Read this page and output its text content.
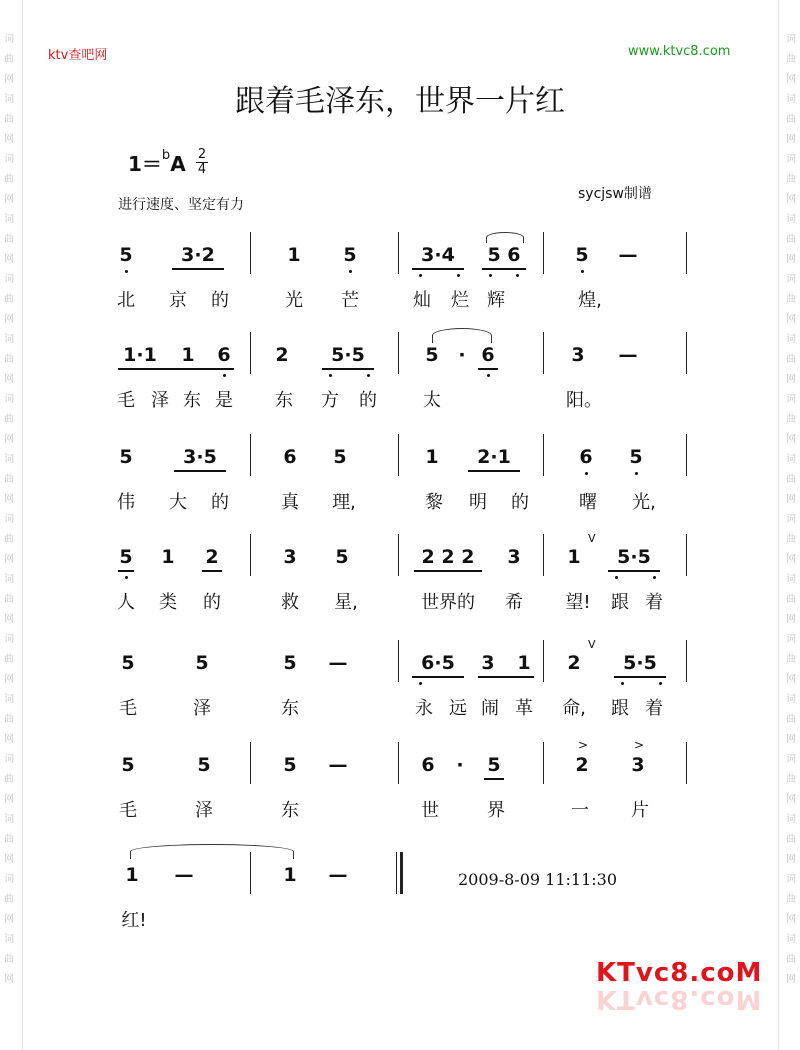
词曲网词曲网词曲网词曲网词曲网词曲网词曲网词曲网词曲网词曲网词曲网词曲网词曲网词曲网词曲网词曲网
词曲网词曲网词曲网词曲网词曲网词曲网词曲网词曲网词曲网词曲网词曲网词曲网词曲网词曲网词曲网词曲网
ktv查吧网	www.ktvc8.com
跟着毛泽东，世界一片红
$1=^bA \frac{2}{4}$
进行速度、坚定有力
sycjsw制谱
5	3·2	1 5	3·4 5 6	5 —
北 京 的	光 芒	灿 烂 辉	煌,
1·1 1 6 2 5·5	5 · 6	3 —
毛 泽 东 是 东 方 的	太	阳。
5	3·5	6 5	1 2·1	6 5
伟 大 的	真 理,	黎 明 的	曙 光,
5 1 2	3 5	2 2 2 3 1 5·5
V
人 类 的	救 星,	世界的 希 望! 跟 着
5	5	5 —	6·5 3 1 2 5·5
V
毛	泽	东	永 远 闹 革 命, 跟 着
5	5	5 —	6 · 5	2 3
>	>
毛	泽	东	世	界	一 片
1 —	1 —
红!
2009-8-09 11:11:30
KTvc8.coM
KTvc8.coM
